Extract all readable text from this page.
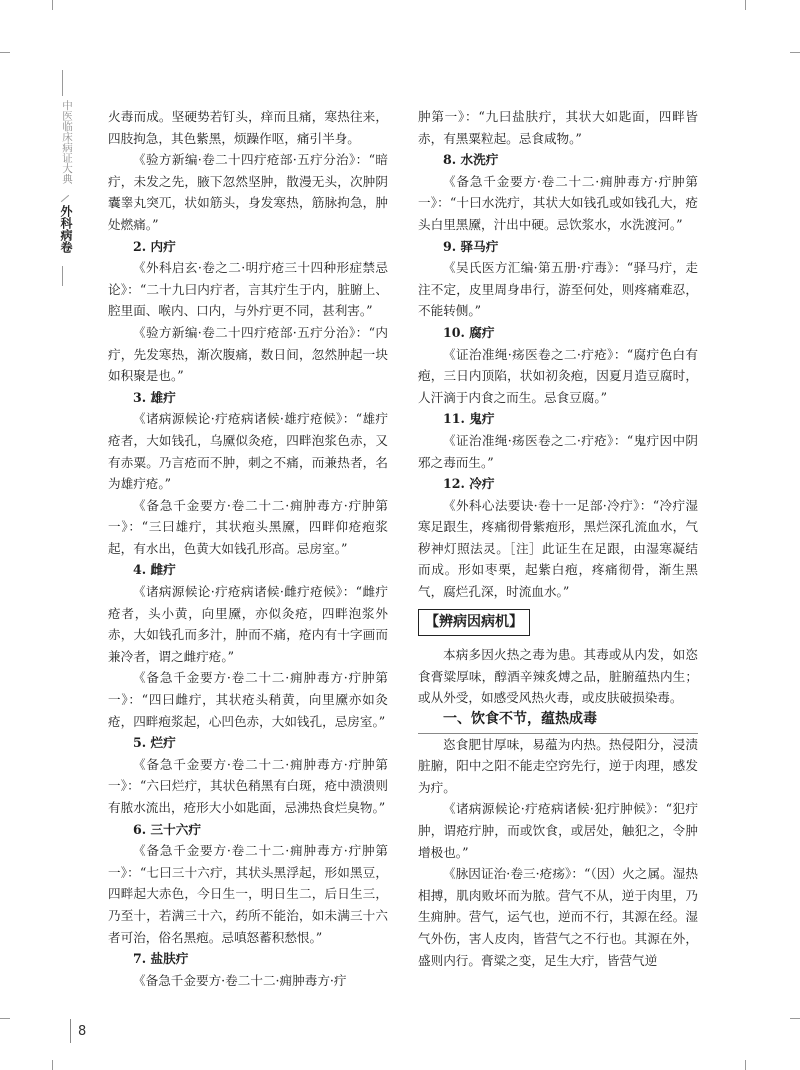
中医临床病证大典
外科病卷

火毒而成。坚硬势若钉头，痒而且痛，寒热往来，四肢拘急，其色紫黑，烦躁作呕，痛引半身。

《验方新编·卷二十四疔疮部·五疔分治》：“暗疔，未发之先，腋下忽然坚肿，散漫无头，次肿阴囊睾丸突兀，状如筋头，身发寒热，筋脉拘急，肿处燃痛。”

2. 内疔

《外科启玄·卷之二·明疔疮三十四种形症禁忌论》：“二十九曰内疔者，言其疔生于内，脏腑上、腔里面、喉内、口内，与外疔更不同，甚利害。”

《验方新编·卷二十四疔疮部·五疔分治》：“内疔，先发寒热，渐次腹痛，数日间，忽然肿起一块如积聚是也。”

3. 雄疔

《诸病源候论·疔疮病诸候·雄疔疮候》：“雄疔疮者，大如钱孔，乌黡似灸疮，四畔泡浆色赤，又有赤粟。乃言疮而不肿，刺之不痛，而兼热者，名为雄疔疮。”

《备急千金要方·卷二十二·痈肿毒方·疔肿第一》：“三曰雄疔，其状疱头黑黡，四畔仰疮疱浆起，有水出，色黄大如钱孔形高。忌房室。”

4. 雌疔

《诸病源候论·疔疮病诸候·雌疔疮候》：“雌疔疮者，头小黄，向里黡，亦似灸疮，四畔泡浆外赤，大如钱孔而多汁，肿而不痛，疮内有十字画而兼冷者，谓之雌疔疮。”

《备急千金要方·卷二十二·痈肿毒方·疔肿第一》：“四曰雌疔，其状疮头稍黄，向里黡亦如灸疮，四畔疱浆起，心凹色赤，大如钱孔，忌房室。”

5. 烂疔

《备急千金要方·卷二十二·痈肿毒方·疔肿第一》：“六曰烂疔，其状色稍黑有白斑，疮中溃溃则有脓水流出，疮形大小如匙面，忌沸热食烂臭物。”

6. 三十六疔

《备急千金要方·卷二十二·痈肿毒方·疔肿第一》：“七曰三十六疔，其状头黑浮起，形如黑豆，四畔起大赤色，今日生一，明日生二，后日生三，乃至十，若满三十六，药所不能治，如未满三十六者可治，俗名黑疱。忌嗔怒蓄积愁恨。”

7. 盐肤疔

《备急千金要方·卷二十二·痈肿毒方·疔

肿第一》：“九曰盐肤疔，其状大如匙面，四畔皆赤，有黑粟粒起。忌食咸物。”

8. 水洗疔

《备急千金要方·卷二十二·痈肿毒方·疔肿第一》：“十曰水洗疔，其状大如钱孔或如钱孔大，疮头白里黑黡，汁出中硬。忌饮浆水，水洗渡河。”

9. 驿马疔

《吴氏医方汇编·第五册·疔毒》：“驿马疔，走注不定，皮里周身串行，游至何处，则疼痛难忍，不能转侧。”

10. 腐疔

《证治准绳·疡医卷之二·疔疮》：“腐疔色白有疱，三日内顶陷，状如初灸疱，因夏月造豆腐时，人汗滴于内食之而生。忌食豆腐。”

11. 鬼疔

《证治准绳·疡医卷之二·疔疮》：“鬼疔因中阴邪之毒而生。”

12. 冷疔

《外科心法要诀·卷十一足部·冷疔》：“冷疔湿寒足跟生，疼痛彻骨紫疱形，黑烂深孔流血水，气秽神灯照法灵。［注］此证生在足跟，由湿寒凝结而成。形如枣栗，起紫白疱，疼痛彻骨，渐生黑气，腐烂孔深，时流血水。”

【辨病因病机】

本病多因火热之毒为患。其毒或从内发，如恣食膏粱厚味，醇酒辛辣炙煿之品，脏腑蕴热内生；或从外受，如感受风热火毒，或皮肤破损染毒。

一、饮食不节，蕴热成毒

恣食肥甘厚味，易蕴为内热。热侵阳分，浸渍脏腑，阳中之阳不能走空窍先行，逆于肉理，感发为疔。

《诸病源候论·疔疮病诸候·犯疔肿候》：“犯疔肿，谓疮疔肿，而或饮食，或居处，触犯之，令肿增极也。”

《脉因证治·卷三·疮疡》：“（因）火之属。湿热相搏，肌肉败坏而为脓。营气不从，逆于肉里，乃生痈肿。营气，运气也，逆而不行，其源在经。湿气外伤，害人皮肉，皆营气之不行也。其源在外，盛则内行。膏粱之变，足生大疔，皆营气逆

8
